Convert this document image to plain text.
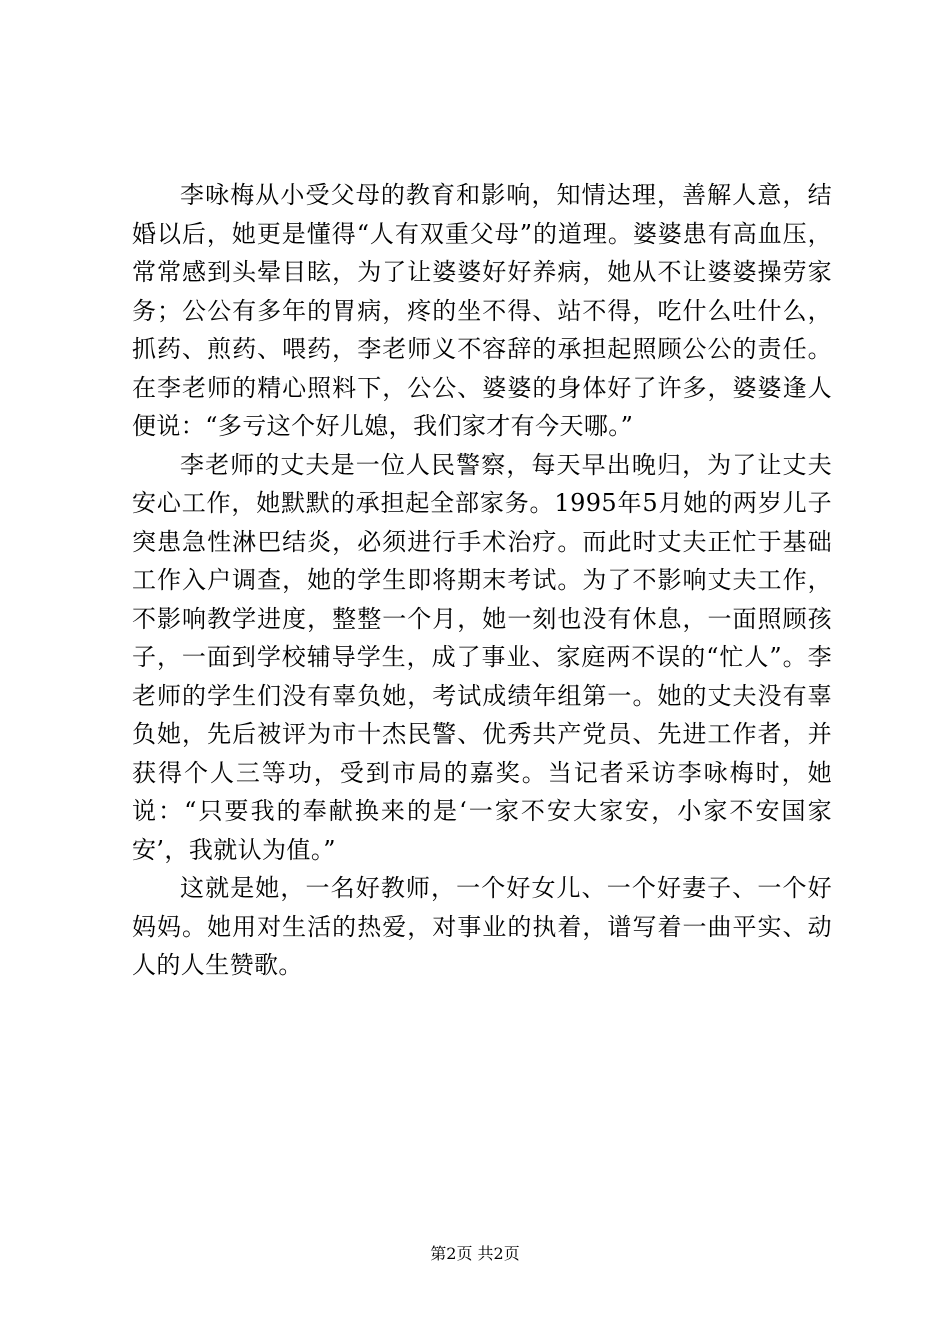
李咏梅从小受父母的教育和影响，知情达理，善解人意，结婚以后，她更是懂得“人有双重父母”的道理。婆婆患有高血压，常常感到头晕目眩，为了让婆婆好好养病，她从不让婆婆操劳家务；公公有多年的胃病，疼的坐不得、站不得，吃什么吐什么，抓药、煎药、喂药，李老师义不容辞的承担起照顾公公的责任。在李老师的精心照料下，公公、婆婆的身体好了许多，婆婆逢人便说：“多亏这个好儿媳，我们家才有今天哪。”

李老师的丈夫是一位人民警察，每天早出晚归，为了让丈夫安心工作，她默默的承担起全部家务。1995年5月她的两岁儿子突患急性淋巴结炎，必须进行手术治疗。而此时丈夫正忙于基础工作入户调查，她的学生即将期末考试。为了不影响丈夫工作，不影响教学进度，整整一个月，她一刻也没有休息，一面照顾孩子，一面到学校辅导学生，成了事业、家庭两不误的“忙人”。李老师的学生们没有辜负她，考试成绩年组第一。她的丈夫没有辜负她，先后被评为市十杰民警、优秀共产党员、先进工作者，并获得个人三等功，受到市局的嘉奖。当记者采访李咏梅时，她说：“只要我的奉献换来的是‘一家不安大家安，小家不安国家安’，我就认为值。”

这就是她，一名好教师，一个好女儿、一个好妻子、一个好妈妈。她用对生活的热爱，对事业的执着，谱写着一曲平实、动人的人生赞歌。

第2页 共2页
